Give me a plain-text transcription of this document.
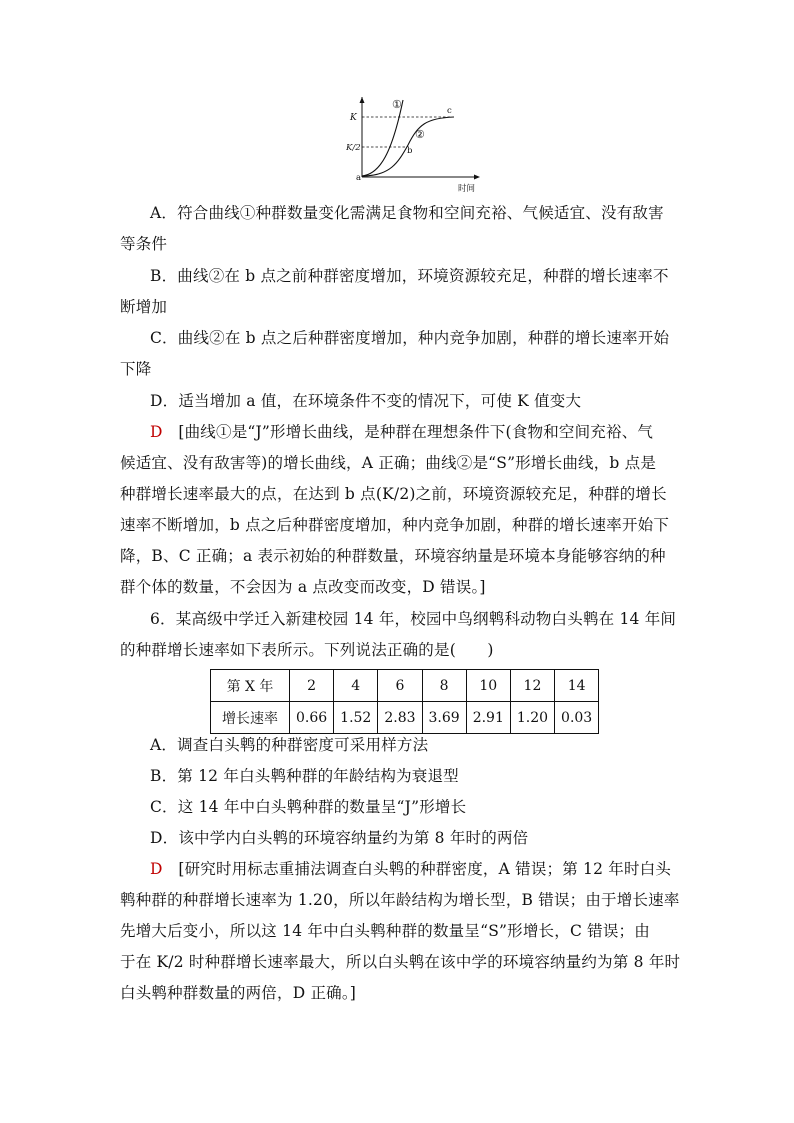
①
②
K
K/2
a
b
c
时间
A．符合曲线①种群数量变化需满足食物和空间充裕、气候适宜、没有敌害
等条件
B．曲线②在 b 点之前种群密度增加，环境资源较充足，种群的增长速率不
断增加
C．曲线②在 b 点之后种群密度增加，种内竞争加剧，种群的增长速率开始
下降
D．适当增加 a 值，在环境条件不变的情况下，可使 K 值变大
D　 [曲线①是“J”形增长曲线，是种群在理想条件下(食物和空间充裕、气
候适宜、没有敌害等)的增长曲线，A 正确；曲线②是“S”形增长曲线，b 点是
种群增长速率最大的点，在达到 b 点(K/2)之前，环境资源较充足，种群的增长
速率不断增加，b 点之后种群密度增加，种内竞争加剧，种群的增长速率开始下
降，B、C 正确；a 表示初始的种群数量，环境容纳量是环境本身能够容纳的种
群个体的数量，不会因为 a 点改变而改变，D 错误。]
6．某高级中学迁入新建校园 14 年，校园中鸟纲鹎科动物白头鹎在 14 年间
的种群增长速率如下表所示。下列说法正确的是(　　)
第 X 年	2	4	6	8	10	12	14
增长速率	0.66	1.52	2.83	3.69	2.91	1.20	0.03
A．调查白头鹎的种群密度可采用样方法
B．第 12 年白头鹎种群的年龄结构为衰退型
C．这 14 年中白头鹎种群的数量呈“J”形增长
D．该中学内白头鹎的环境容纳量约为第 8 年时的两倍
D　 [研究时用标志重捕法调查白头鹎的种群密度，A 错误；第 12 年时白头
鹎种群的种群增长速率为 1.20，所以年龄结构为增长型，B 错误；由于增长速率
先增大后变小，所以这 14 年中白头鹎种群的数量呈“S”形增长，C 错误；由
于在 K/2 时种群增长速率最大，所以白头鹎在该中学的环境容纳量约为第 8 年时
白头鹎种群数量的两倍，D 正确。]
